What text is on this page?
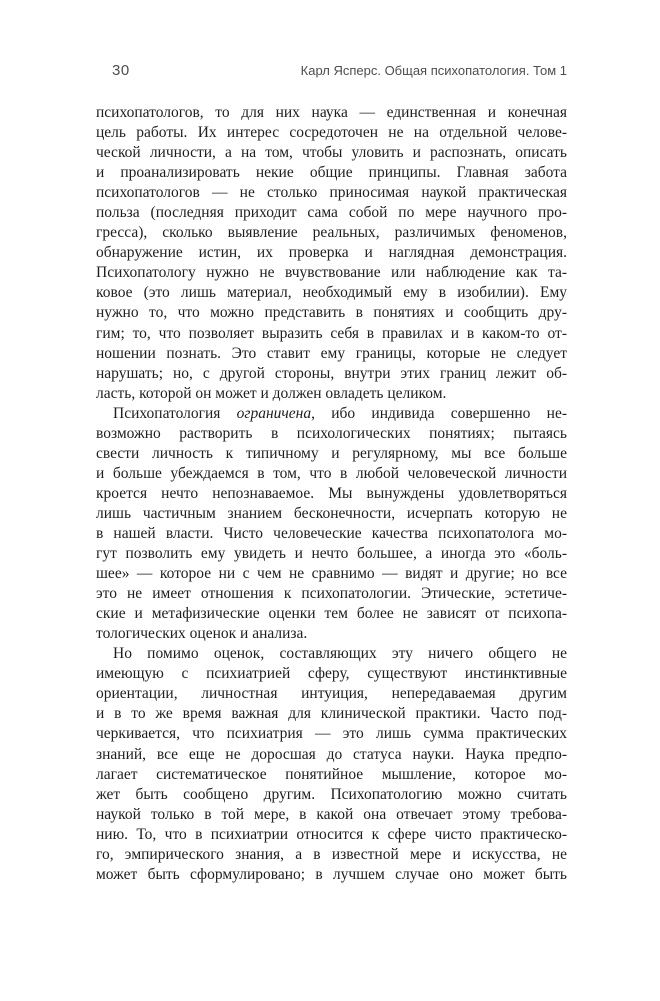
30	Карл Ясперс. Общая психопатология. Том 1
психопатологов, то для них наука — единственная и конечная
цель работы. Их интерес сосредоточен не на отдельной челове-
ческой личности, а на том, чтобы уловить и распознать, описать
и проанализировать некие общие принципы. Главная забота
психопатологов — не столько приносимая наукой практическая
польза (последняя приходит сама собой по мере научного про-
гресса), сколько выявление реальных, различимых феноменов,
обнаружение истин, их проверка и наглядная демонстрация.
Психопатологу нужно не вчувствование или наблюдение как та-
ковое (это лишь материал, необходимый ему в изобилии). Ему
нужно то, что можно представить в понятиях и сообщить дру-
гим; то, что позволяет выразить себя в правилах и в каком-то от-
ношении познать. Это ставит ему границы, которые не следует
нарушать; но, с другой стороны, внутри этих границ лежит об-
ласть, которой он может и должен овладеть целиком.
Психопатология ограничена, ибо индивида совершенно не-
возможно растворить в психологических понятиях; пытаясь
свести личность к типичному и регулярному, мы все больше
и больше убеждаемся в том, что в любой человеческой личности
кроется нечто непознаваемое. Мы вынуждены удовлетворяться
лишь частичным знанием бесконечности, исчерпать которую не
в нашей власти. Чисто человеческие качества психопатолога мо-
гут позволить ему увидеть и нечто большее, а иногда это «боль-
шее» — которое ни с чем не сравнимо — видят и другие; но все
это не имеет отношения к психопатологии. Этические, эстетиче-
ские и метафизические оценки тем более не зависят от психопа-
тологических оценок и анализа.
Но помимо оценок, составляющих эту ничего общего не
имеющую с психиатрией сферу, существуют инстинктивные
ориентации, личностная интуиция, непередаваемая другим
и в то же время важная для клинической практики. Часто под-
черкивается, что психиатрия — это лишь сумма практических
знаний, все еще не доросшая до статуса науки. Наука предпо-
лагает систематическое понятийное мышление, которое мо-
жет быть сообщено другим. Психопатологию можно считать
наукой только в той мере, в какой она отвечает этому требова-
нию. То, что в психиатрии относится к сфере чисто практическо-
го, эмпирического знания, а в известной мере и искусства, не
может быть сформулировано; в лучшем случае оно может быть
